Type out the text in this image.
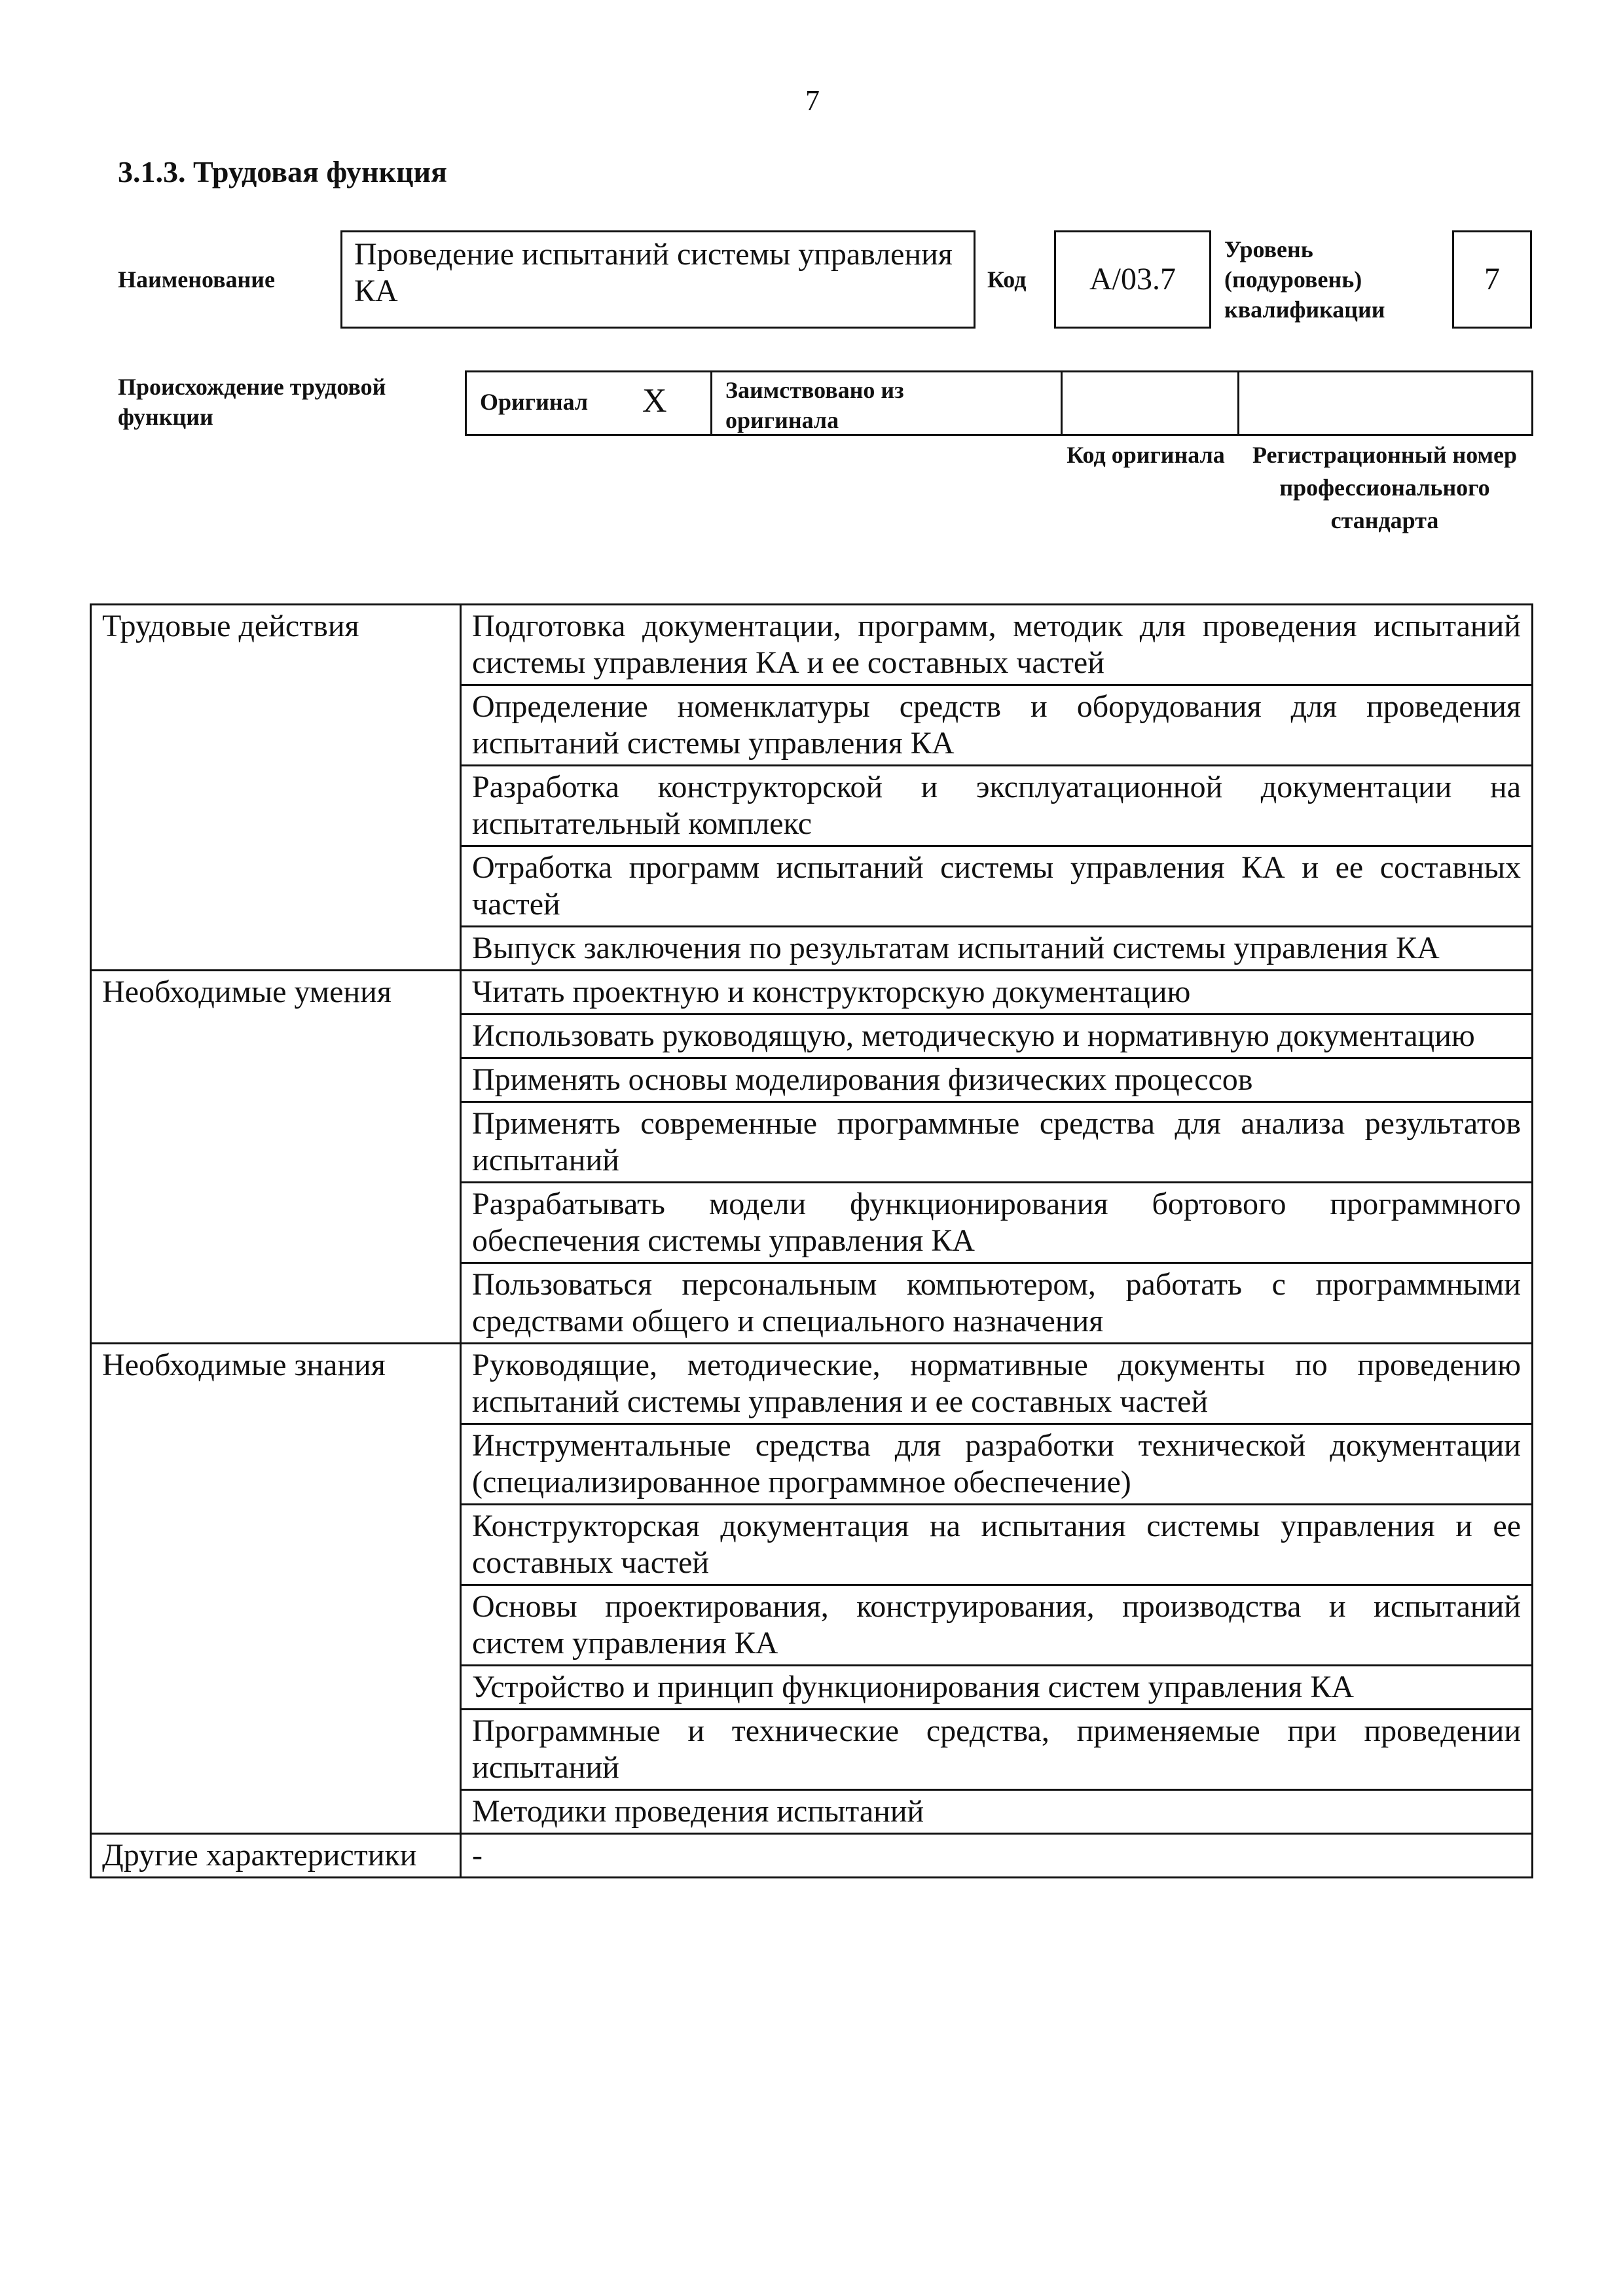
7
3.1.3. Трудовая функция
Наименование
Проведение испытаний системы управления КА	Код А/03.7
Уровень (подуровень) квалификации
7
Происхождение трудовой функции
Оригинал Х Заимствовано из оригинала
Код оригинала	Регистрационный номер профессионального стандарта
Трудовые действия	Подготовка документации, программ, методик для проведения испытаний системы управления КА и ее составных частей
	Определение номенклатуры средств и оборудования для проведения испытаний системы управления КА
	Разработка конструкторской и эксплуатационной документации на испытательный комплекс
	Отработка программ испытаний системы управления КА и ее составных частей
	Выпуск заключения по результатам испытаний системы управления КА
Необходимые умения	Читать проектную и конструкторскую документацию
	Использовать руководящую, методическую и нормативную документацию
	Применять основы моделирования физических процессов
	Применять современные программные средства для анализа результатов испытаний
	Разрабатывать модели функционирования бортового программного обеспечения системы управления КА
	Пользоваться персональным компьютером, работать с программными средствами общего и специального назначения
Необходимые знания	Руководящие, методические, нормативные документы по проведению испытаний системы управления и ее составных частей
	Инструментальные средства для разработки технической документации (специализированное программное обеспечение)
	Конструкторская документация на испытания системы управления и ее составных частей
	Основы проектирования, конструирования, производства и испытаний систем управления КА
	Устройство и принцип функционирования систем управления КА
	Программные и технические средства, применяемые при проведении испытаний
	Методики проведения испытаний
Другие характеристики	-
